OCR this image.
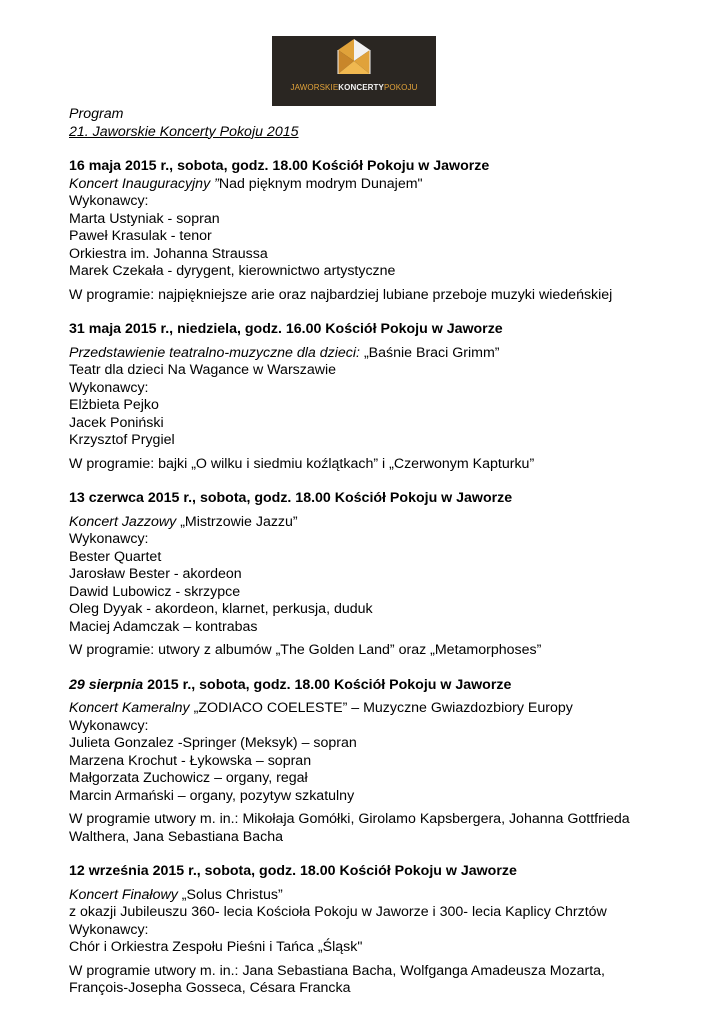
JAWORSKIEKONCERTYPOKOJU
Program
21. Jaworskie Koncerty Pokoju 2015
16 maja 2015 r., sobota, godz. 18.00 Kościół Pokoju w Jaworze
Koncert Inauguracyjny ”Nad pięknym modrym Dunajem"
Wykonawcy:
Marta Ustyniak - sopran
Paweł Krasulak - tenor
Orkiestra im. Johanna Straussa
Marek Czekała - dyrygent, kierownictwo artystyczne
W programie: najpiękniejsze arie oraz najbardziej lubiane przeboje muzyki wiedeńskiej
31 maja 2015 r., niedziela, godz. 16.00 Kościół Pokoju w Jaworze
Przedstawienie teatralno-muzyczne dla dzieci: „Baśnie Braci Grimm”
Teatr dla dzieci Na Wagance w Warszawie
Wykonawcy:
Elżbieta Pejko
Jacek Poniński
Krzysztof Prygiel
W programie: bajki „O wilku i siedmiu koźlątkach” i „Czerwonym Kapturku”
13 czerwca 2015 r., sobota, godz. 18.00 Kościół Pokoju w Jaworze
Koncert Jazzowy „Mistrzowie Jazzu”
Wykonawcy:
Bester Quartet
Jarosław Bester - akordeon
Dawid Lubowicz - skrzypce
Oleg Dyyak - akordeon, klarnet, perkusja, duduk
Maciej Adamczak – kontrabas
W programie: utwory z albumów „The Golden Land” oraz „Metamorphoses”
29 sierpnia 2015 r., sobota, godz. 18.00 Kościół Pokoju w Jaworze
Koncert Kameralny „ZODIACO COELESTE” – Muzyczne Gwiazdozbiory Europy
Wykonawcy:
Julieta Gonzalez -Springer (Meksyk) – sopran
Marzena Krochut - Łykowska – sopran
Małgorzata Zuchowicz – organy, regał
Marcin Armański – organy, pozytyw szkatulny
W programie utwory m. in.: Mikołaja Gomółki, Girolamo Kapsbergera, Johanna Gottfrieda
Walthera, Jana Sebastiana Bacha
12 września 2015 r., sobota, godz. 18.00 Kościół Pokoju w Jaworze
Koncert Finałowy „Solus Christus”
z okazji Jubileuszu 360- lecia Kościoła Pokoju w Jaworze i 300- lecia Kaplicy Chrztów
Wykonawcy:
Chór i Orkiestra Zespołu Pieśni i Tańca „Śląsk"
W programie utwory m. in.: Jana Sebastiana Bacha, Wolfganga Amadeusza Mozarta,
François-Josepha Gosseca, Césara Francka
